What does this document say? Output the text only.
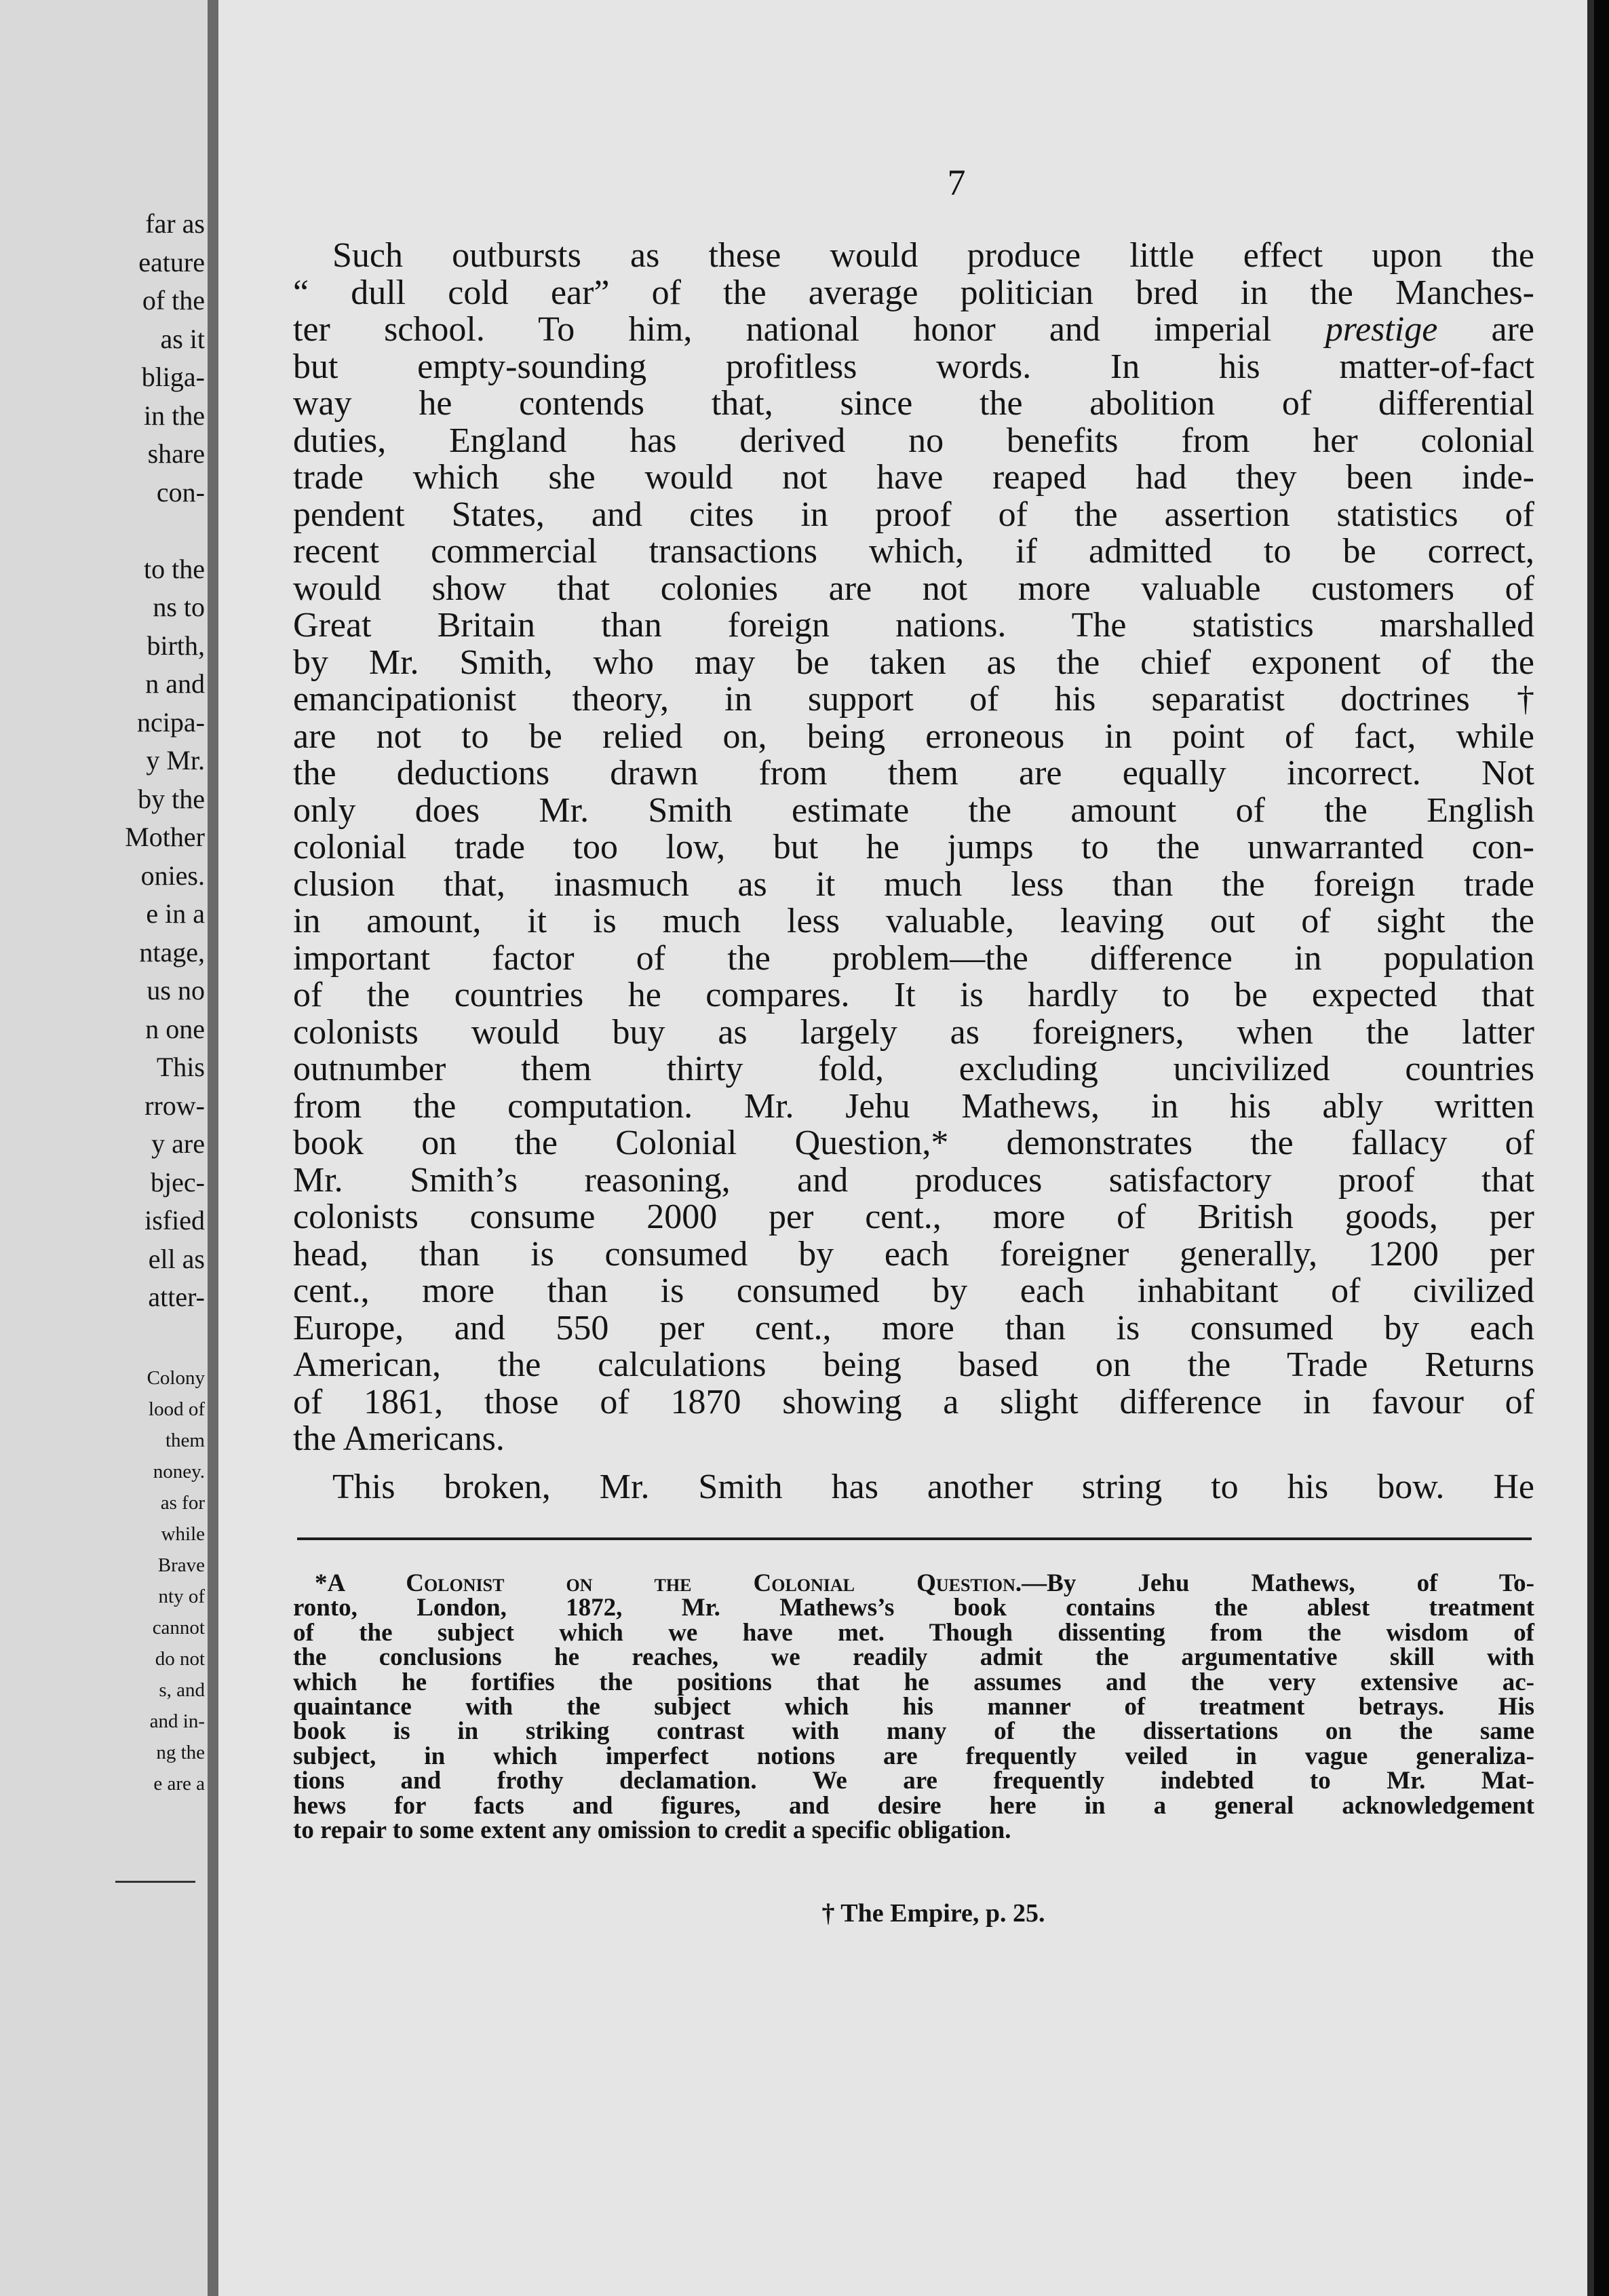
far as
eature
of the
as it
bliga-
in the
share
con-
to the
ns to
birth,
n and
ncipa-
y Mr.
by the
Mother
onies.
e in a
ntage,
us no
n one
This
rrow-
y are
bjec-
isfied
ell as
atter-
Colony
lood of
them
noney.
as for
while
Brave
nty of
cannot
do not
s, and
and in-
ng the
e are a
7
Such outbursts as these would produce little effect upon the
“ dull cold ear” of the average politician bred in the Manches-
ter school. To him, national honor and imperial prestige are
but empty-sounding profitless words. In his matter-of-fact
way he contends that, since the abolition of differential
duties, England has derived no benefits from her colonial
trade which she would not have reaped had they been inde-
pendent States, and cites in proof of the assertion statistics of
recent commercial transactions which, if admitted to be correct,
would show that colonies are not more valuable customers of
Great Britain than foreign nations. The statistics marshalled
by Mr. Smith, who may be taken as the chief exponent of the
emancipationist theory, in support of his separatist doctrines†
are not to be relied on, being erroneous in point of fact, while
the deductions drawn from them are equally incorrect. Not
only does Mr. Smith estimate the amount of the English
colonial trade too low, but he jumps to the unwarranted con-
clusion that, inasmuch as it much less than the foreign trade
in amount, it is much less valuable, leaving out of sight the
important factor of the problem—the difference in population
of the countries he compares. It is hardly to be expected that
colonists would buy as largely as foreigners, when the latter
outnumber them thirty fold, excluding uncivilized countries
from the computation. Mr. Jehu Mathews, in his ably written
book on the Colonial Question,* demonstrates the fallacy of
Mr. Smith’s reasoning, and produces satisfactory proof that
colonists consume 2000 per cent., more of British goods, per
head, than is consumed by each foreigner generally, 1200 per
cent., more than is consumed by each inhabitant of civilized
Europe, and 550 per cent., more than is consumed by each
American, the calculations being based on the Trade Returns
of 1861, those of 1870 showing a slight difference in favour of
the Americans.
This broken, Mr. Smith has another string to his bow. He
*A Colonist on the Colonial Question.—By Jehu Mathews, of To-
ronto, London, 1872, Mr. Mathews’s book contains the ablest treatment
of the subject which we have met. Though dissenting from the wisdom of
the conclusions he reaches, we readily admit the argumentative skill with
which he fortifies the positions that he assumes and the very extensive ac-
quaintance with the subject which his manner of treatment betrays. His
book is in striking contrast with many of the dissertations on the same
subject, in which imperfect notions are frequently veiled in vague generaliza-
tions and frothy declamation. We are frequently indebted to Mr. Mat-
hews for facts and figures, and desire here in a general acknowledgement
to repair to some extent any omission to credit a specific obligation.
† The Empire, p. 25.
